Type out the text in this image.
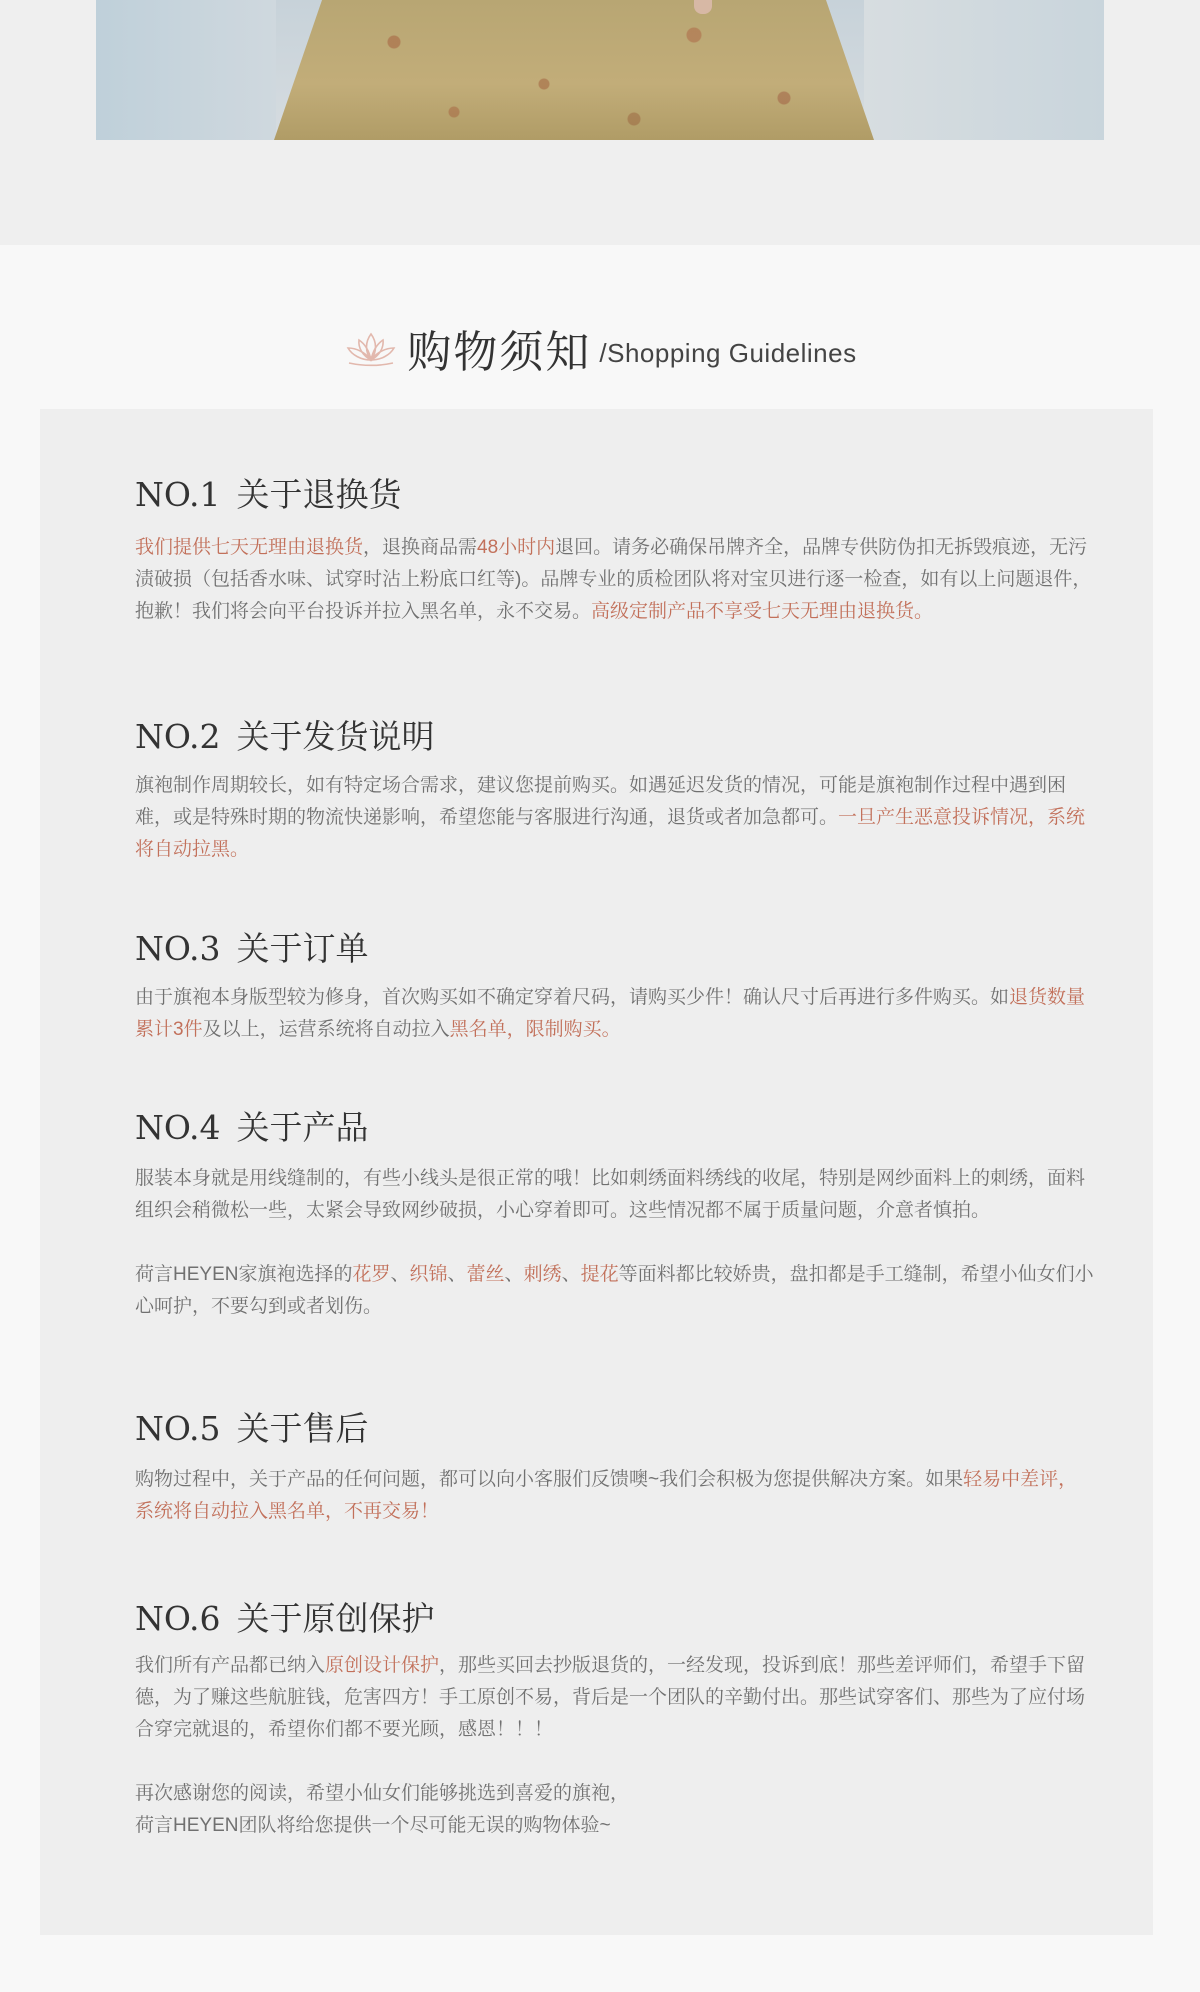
购物须知 /Shopping Guidelines
NO.1 关于退换货

我们提供七天无理由退换货，退换商品需48小时内退回。请务必确保吊牌齐全，品牌专供防伪扣无拆毁痕迹，无污渍破损（包括香水味、试穿时沾上粉底口红等)。品牌专业的质检团队将对宝贝进行逐一检查，如有以上问题退件，抱歉！我们将会向平台投诉并拉入黑名单，永不交易。高级定制产品不享受七天无理由退换货。

NO.2 关于发货说明

旗袍制作周期较长，如有特定场合需求，建议您提前购买。如遇延迟发货的情况，可能是旗袍制作过程中遇到困难，或是特殊时期的物流快递影响，希望您能与客服进行沟通，退货或者加急都可。一旦产生恶意投诉情况，系统将自动拉黑。

NO.3 关于订单

由于旗袍本身版型较为修身，首次购买如不确定穿着尺码，请购买少件！确认尺寸后再进行多件购买。如退货数量累计3件及以上，运营系统将自动拉入黑名单，限制购买。

NO.4 关于产品

服装本身就是用线缝制的，有些小线头是很正常的哦！比如刺绣面料绣线的收尾，特别是网纱面料上的刺绣，面料组织会稍微松一些，太紧会导致网纱破损，小心穿着即可。这些情况都不属于质量问题，介意者慎拍。

荷言HEYEN家旗袍选择的花罗、织锦、蕾丝、刺绣、提花等面料都比较娇贵，盘扣都是手工缝制，希望小仙女们小心呵护，不要勾到或者划伤。

NO.5 关于售后

购物过程中，关于产品的任何问题，都可以向小客服们反馈噢~我们会积极为您提供解决方案。如果轻易中差评，系统将自动拉入黑名单，不再交易！

NO.6 关于原创保护

我们所有产品都已纳入原创设计保护，那些买回去抄版退货的，一经发现，投诉到底！那些差评师们，希望手下留德，为了赚这些航脏钱，危害四方！手工原创不易，背后是一个团队的辛勤付出。那些试穿客们、那些为了应付场合穿完就退的，希望你们都不要光顾，感恩！！！

再次感谢您的阅读，希望小仙女们能够挑选到喜爱的旗袍，

荷言HEYEN团队将给您提供一个尽可能无误的购物体验~
